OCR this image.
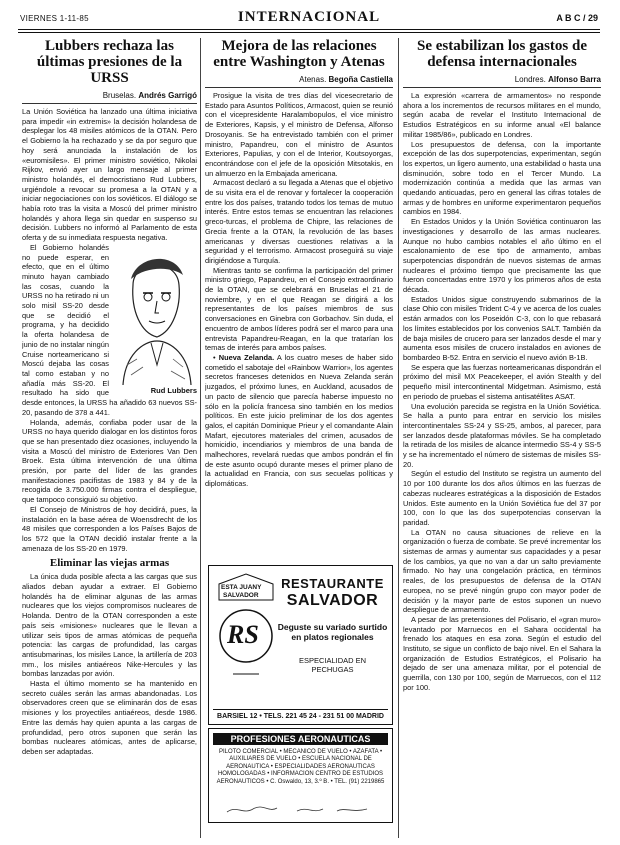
VIERNES 1-11-85	INTERNACIONAL	A B C / 29
Lubbers rechaza las últimas presiones de la URSS
Bruselas. Andrés Garrigó

La Unión Soviética ha lanzado una última iniciativa para impedir «in extremis» la decisión holandesa de desplegar los 48 misiles atómicos de la OTAN. Pero el Gobierno la ha rechazado y se da por seguro que hoy será anunciada la instalación de los «euromisiles». El primer ministro soviético, Nikolai Rijkov, envió ayer un largo mensaje al primer ministro holandés, el democristiano Rud Lubbers, urgiéndole a revocar su promesa a la OTAN y a iniciar negociaciones con los soviéticos. El diálogo se había roto tras la visita a Moscú del primer ministro holandés y ahora llega sin quedar en suspenso su decisión. Lubbers no informó al Parlamento de esta oferta y de su inmediata respuesta negativa.

Rud Lubbers

El Gobierno holandés no puede esperar, en efecto, que en el último minuto hayan cambiado las cosas, cuando la URSS no ha retirado ni un solo misil SS-20 desde que se decidió el programa, y ha decidido la oferta holandesa de junio de no instalar ningún Cruise norteamericano si Moscú dejaba las cosas tal como estaban y no añadía más SS-20. El resultado ha sido que desde entonces, la URSS ha añadido 63 nuevos SS-20, pasando de 378 a 441.

Holanda, además, confiaba poder usar de la URSS no haya querido dialogar en los distintos foros que se han presentado diez ocasiones, incluyendo la visita a Moscú del ministro de Exteriores Van Den Broek. Esta última intervención de una última presión, por parte del líder de las grandes manifestaciones pacifistas de 1983 y 84 y de la recogida de 3.750.000 firmas contra el despliegue, que tampoco consiguió su objetivo.

El Consejo de Ministros de hoy decidirá, pues, la instalación en la base aérea de Woensdrecht de los 48 misiles que corresponden a los Países Bajos de los 572 que la OTAN decidió instalar frente a la amenaza de los SS-20 en 1979.

Eliminar las viejas armas

La única duda posible afecta a las cargas que sus aliados deban ayudar a extraer. El Gobierno holandés ha de eliminar algunas de las armas nucleares que los viejos compromisos nucleares de Holanda. Dentro de la OTAN corresponden a este país seis «misiones» nucleares que le llevan a utilizar seis tipos de armas atómicas de pequeña potencia: las cargas de profundidad, las cargas antisubmarinas, los misiles Lance, la artillería de 203 mm., los misiles antiaéreos Nike-Hercules y las bombas lanzadas por avión.

Hasta el último momento se ha mantenido en secreto cuáles serán las armas abandonadas. Los observadores creen que se eliminarán dos de esas misiones y los proyectiles antiaéreos, desde 1986. Entre las demás hay quien apunta a las cargas de profundidad, pero otros suponen que serán las bombas nucleares atómicas, antes de aplicarse, deben ser adaptadas.

Mejora de las relaciones entre Washington y Atenas
Atenas. Begoña Castiella

Prosigue la visita de tres días del vicesecretario de Estado para Asuntos Políticos, Armacost, quien se reunió con el vicepresidente Haralambopulos, el vice ministro de Exteriores, Kapsis, y el ministro de Defensa, Alfonso Drosoyanis. Se ha entrevistado también con el primer ministro, Papandreu, con el ministro de Asuntos Exteriores, Papulias, y con el de Interior, Koutsoyorgas, encontrándose con el jefe de la oposición Mitsotakis, en un almuerzo en la Embajada americana.

Armacost declaró a su llegada a Atenas que el objetivo de su visita era el de renovar y fortalecer la cooperación entre los dos países, tratando todos los temas de mutuo interés. Entre estos temas se encuentran las relaciones greco-turcas, el problema de Chipre, las relaciones de Grecia frente a la OTAN, la revolución de las bases americanas y diversas cuestiones relativas a la seguridad y el terrorismo. Armacost proseguirá su viaje dirigiéndose a Turquía.

Mientras tanto se confirma la participación del primer ministro griego, Papandreu, en el Consejo extraordinario de la OTAN, que se celebrará en Bruselas el 21 de noviembre, y en el que Reagan se dirigirá a los representantes de los países miembros de sus conversaciones en Ginebra con Gorbachov. Sin duda, el encuentro de ambos líderes podrá ser el marco para una entrevista Papandreu-Reagan, en la que tratarían los temas de interés para ambos países.

• Nueva Zelanda. A los cuatro meses de haber sido cometido el sabotaje del «Rainbow Warrior», los agentes secretos franceses detenidos en Nueva Zelanda serán juzgados, el próximo lunes, en Auckland, acusados de un pacto de silencio que parecía haberse impuesto no sólo en la policía francesa sino también en los medios políticos. En este juicio preliminar de los dos agentes galos, el capitán Dominique Prieur y el comandante Alain Mafart, ejecutores materiales del crimen, acusados de homicidio, incendiarios y miembros de una banda de malhechores, revelará ruedas que ambos pondrán el fin de este asunto ocupó durante meses el primer plano de la actualidad en Francia, con sus secuelas políticas y diplomáticas.

ESTA JUANY
SALVADOR
RS
RESTAURANTE
SALVADOR
Deguste su variado surtido en platos regionales
ESPECIALIDAD EN PECHUGAS
BARSIEL 12 • TELS. 221 45 24 - 231 51 00 MADRID
PROFESIONES AERONAUTICAS
PILOTO COMERCIAL • MECANICO DE VUELO • AZAFATA • AUXILIARES DE VUELO • ESCUELA NACIONAL DE AERONAUTICA • ESPECIALIDADES AERONAUTICAS HOMOLOGADAS • INFORMACION CENTRO DE ESTUDIOS AERONAUTICOS • C. Oswaldo, 13, 3.º B. • TEL. (91) 2219865
Se estabilizan los gastos de defensa internacionales
Londres. Alfonso Barra

La expresión «carrera de armamentos» no responde ahora a los incrementos de recursos militares en el mundo, según acaba de revelar el Instituto Internacional de Estudios Estratégicos en su informe anual «El balance militar 1985/86», publicado en Londres.

Los presupuestos de defensa, con la importante excepción de las dos superpotencias, experimentan, según los expertos, un ligero aumento, una estabilidad o hasta una disminución, sobre todo en el Tercer Mundo. La modernización continúa a medida que las armas van quedando anticuadas, pero en general las cifras totales de armas y de hombres en uniforme experimentaron pequeños cambios en 1984.

En Estados Unidos y la Unión Soviética continuaron las investigaciones y desarrollo de las armas nucleares. Aunque no hubo cambios notables el año último en el escalonamiento de ese tipo de armamento, ambas superpotencias dispondrán de nuevos sistemas de armas nucleares el próximo tiempo que precisamente las que fueron concertadas entre 1970 y los primeros años de esta década.

Estados Unidos sigue construyendo submarinos de la clase Ohio con misiles Trident C-4 y ve acerca de los cuales están armados con los Poseidón C-3, con lo que rebasará los límites establecidos por los convenios SALT. También da de baja misiles de crucero para ser lanzados desde el mar y aumenta esos misiles de crucero instalados en aviones de bombardeo B-52. Entra en servicio el nuevo avión B-1B.

Se espera que las fuerzas norteamericanas dispondrán el próximo del misil MX Peacekeeper, el avión Stealth y del pequeño misil intercontinental Midgetman. Asimismo, está en periodo de pruebas el sistema antisatélites ASAT.

Una evolución parecida se registra en la Unión Soviética. Se halla a punto para entrar en servicio los misiles intercontinentales SS-24 y SS-25, ambos, al parecer, para ser lanzados desde plataformas móviles. Se ha completado la retirada de los misiles de alcance intermedio SS-4 y SS-5 y se ha incrementado el número de sistemas de misiles SS-20.

Según el estudio del Instituto se registra un aumento del 10 por 100 durante los dos años últimos en las fuerzas de cabezas nucleares estratégicas a la disposición de Estados Unidos. Este aumento en la Unión Soviética fue del 37 por 100, con lo que las dos superpotencias conservan la paridad.

La OTAN no causa situaciones de relieve en la organización o fuerza de combate. Se prevé incrementar los sistemas de armas y aumentar sus capacidades y a pesar de los cambios, ya que no van a dar un salto previamente firmado. No hay una congelación práctica, en términos reales, de los presupuestos de defensa de la OTAN europea, no se prevé ningún grupo con mayor poder de decisión y la mayor parte de estos suponen un nuevo despliegue de armamento.

A pesar de las pretensiones del Polisario, el «gran muro» levantado por Marruecos en el Sahara occidental ha frenado los ataques en esa zona. Según el estudio del Instituto, se sigue un conflicto de bajo nivel. En el Sahara la organización de Estudios Estratégicos, el Polisario ha dejado de ser una amenaza militar, por el potencial de guerrilla, con 130 por 100, según de Marruecos, con el 112 por 100.
